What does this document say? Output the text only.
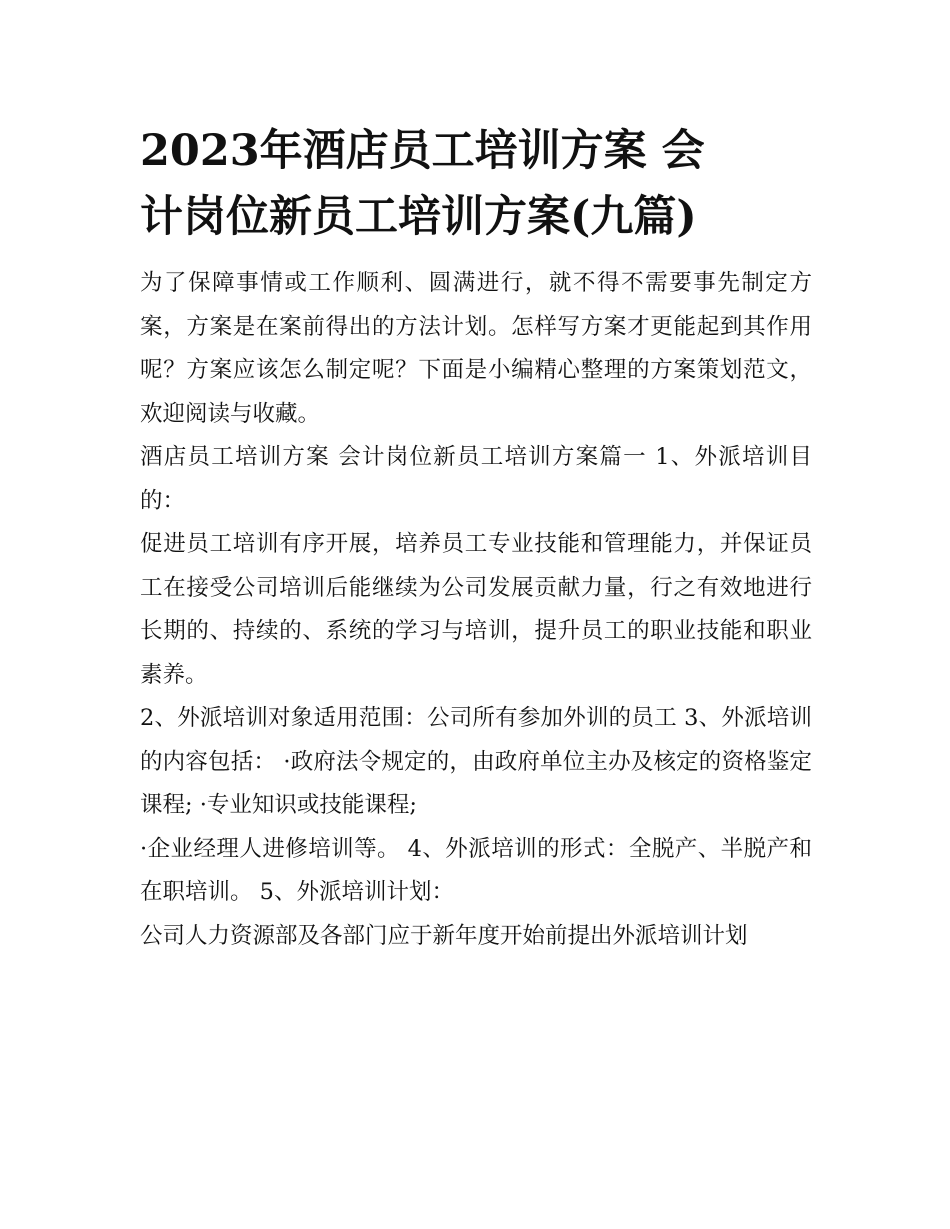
2023年酒店员工培训方案 会
计岗位新员工培训方案(九篇)

为了保障事情或工作顺利、圆满进行，就不得不需要事先制定方案，方案是在案前得出的方法计划。怎样写方案才更能起到其作用呢？方案应该怎么制定呢？下面是小编精心整理的方案策划范文，欢迎阅读与收藏。

酒店员工培训方案 会计岗位新员工培训方案篇一 1、外派培训目的：

促进员工培训有序开展，培养员工专业技能和管理能力，并保证员工在接受公司培训后能继续为公司发展贡献力量，行之有效地进行长期的、持续的、系统的学习与培训，提升员工的职业技能和职业素养。

2、外派培训对象适用范围：公司所有参加外训的员工 3、外派培训的内容包括： ·政府法令规定的，由政府单位主办及核定的资格鉴定课程; ·专业知识或技能课程;

·企业经理人进修培训等。 4、外派培训的形式：全脱产、半脱产和在职培训。 5、外派培训计划：

公司人力资源部及各部门应于新年度开始前提出外派培训计划
